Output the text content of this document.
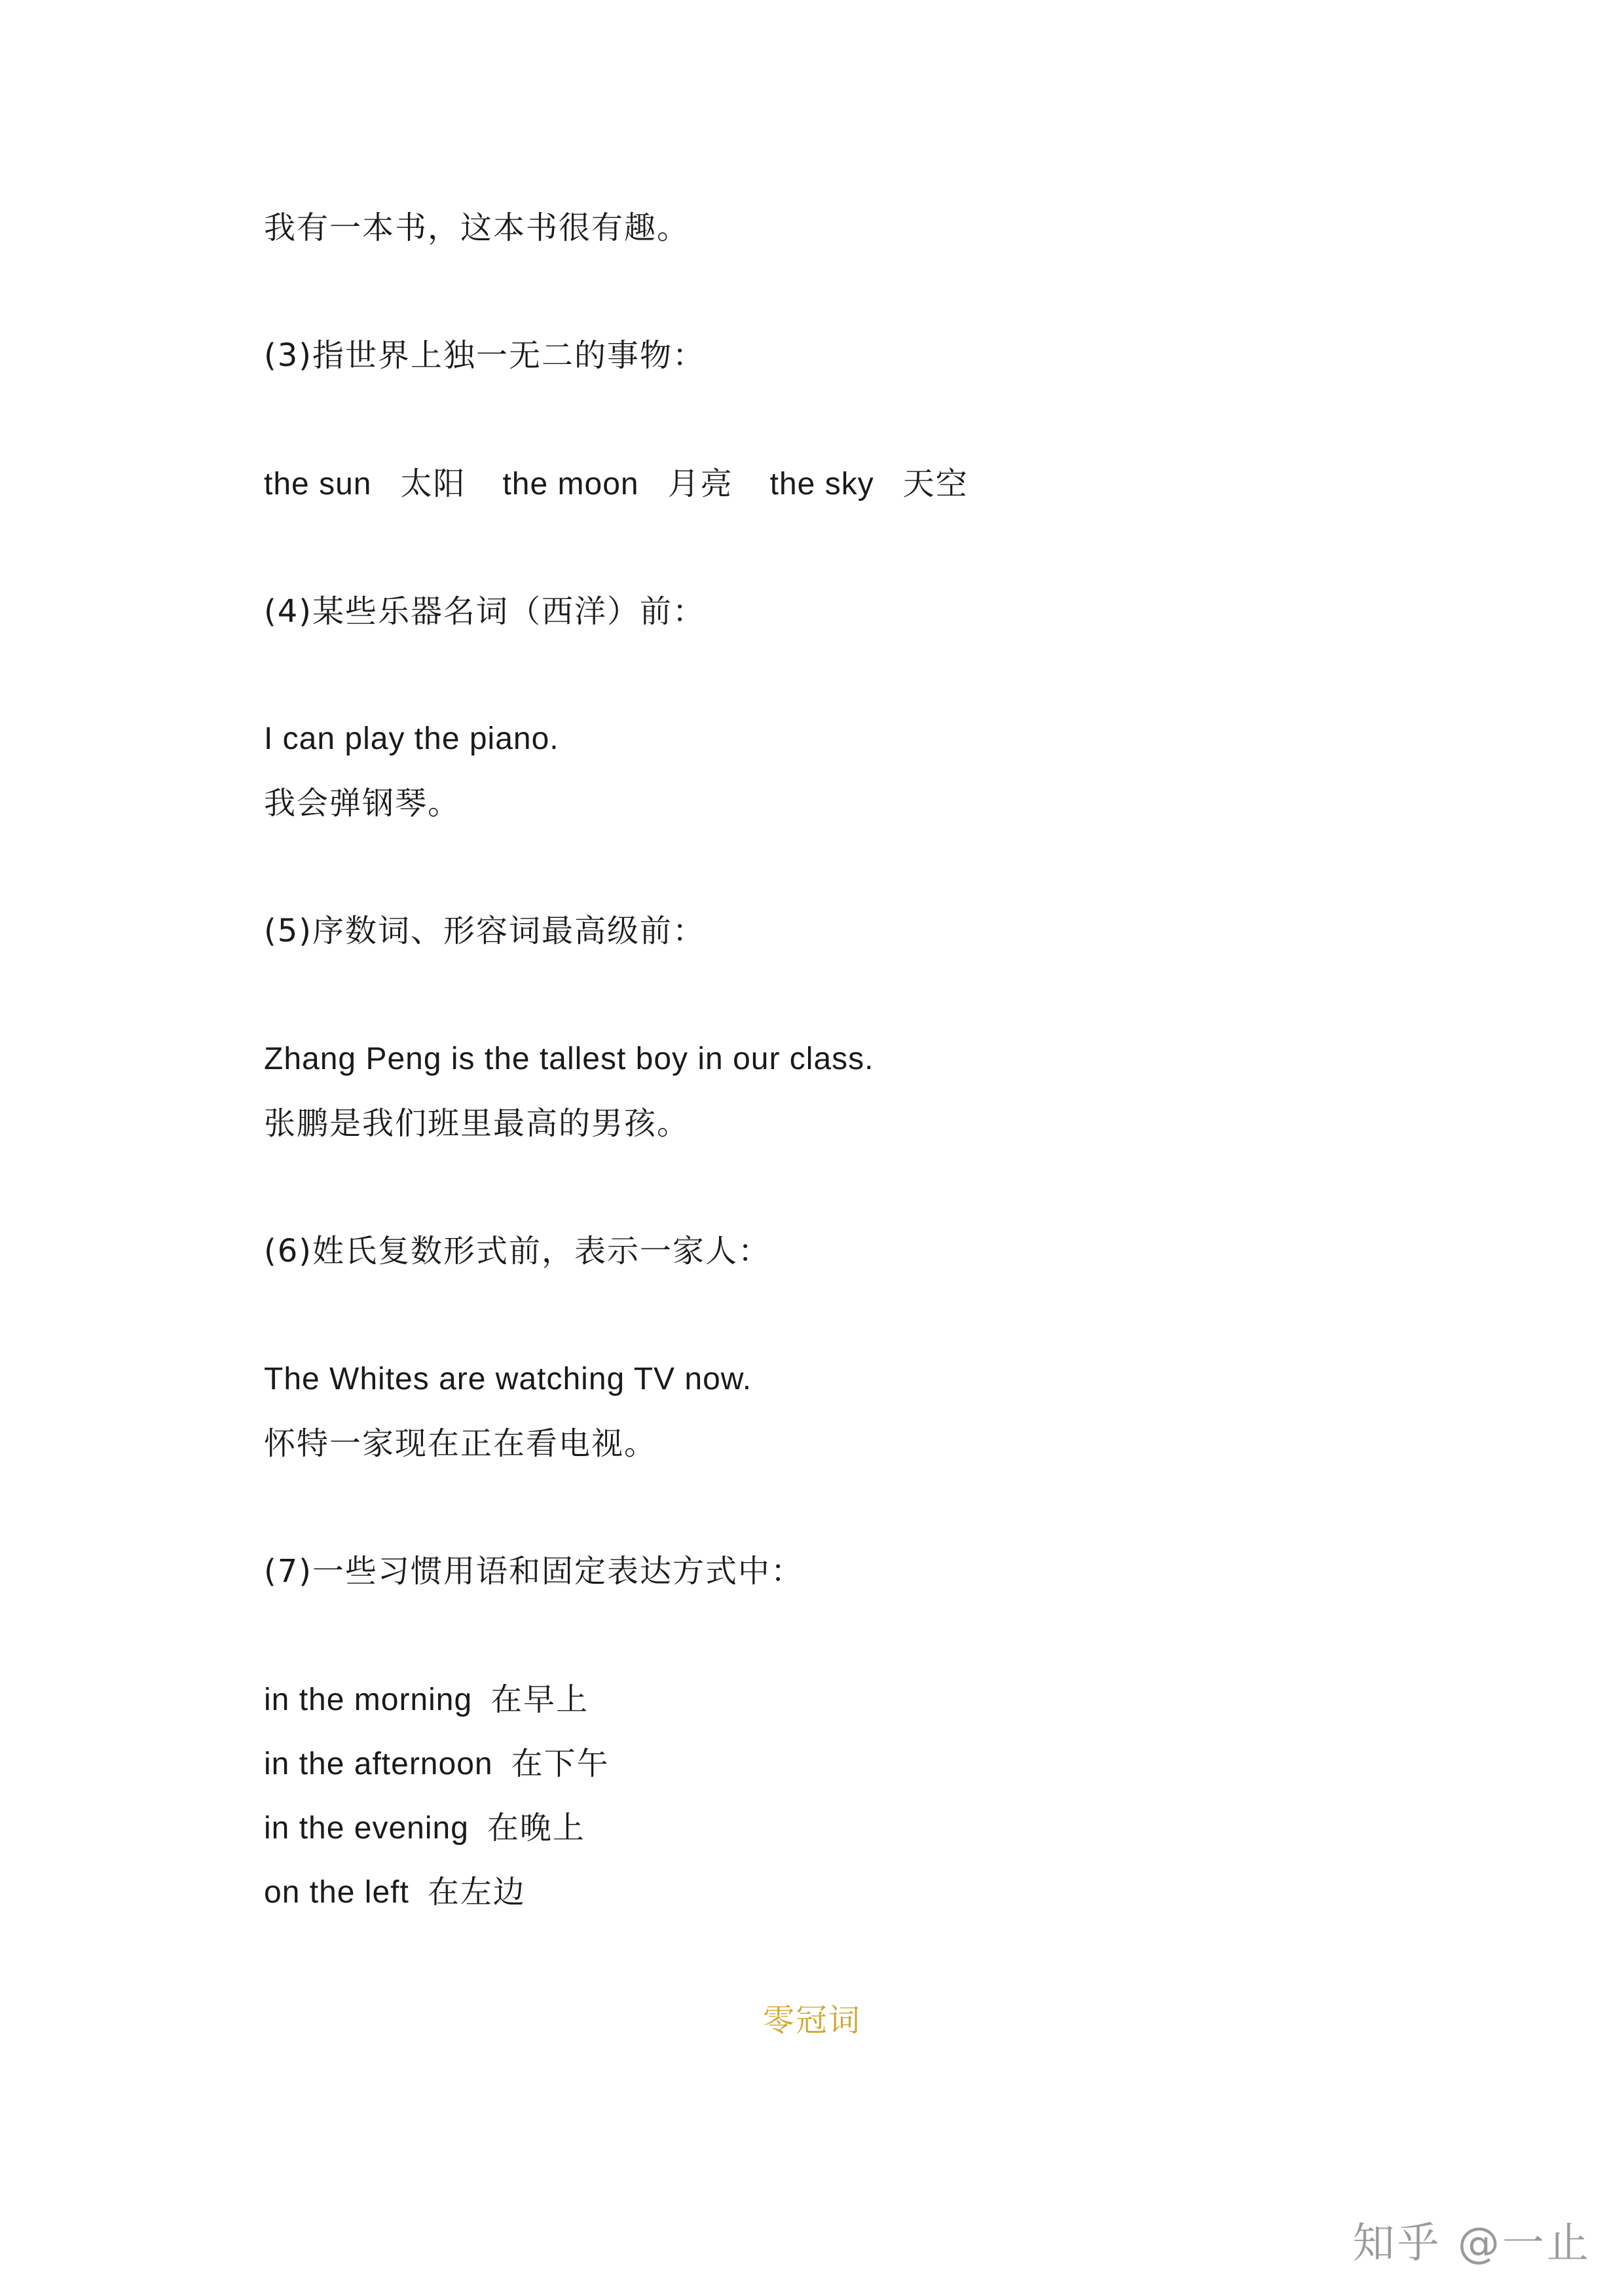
我有一本书，这本书很有趣。
(3)指世界上独一无二的事物：
the sun 太阳 the moon 月亮 the sky 天空
(4)某些乐器名词（西洋）前：
I can play the piano.
我会弹钢琴。
(5)序数词、形容词最高级前：
Zhang Peng is the tallest boy in our class.
张鹏是我们班里最高的男孩。
(6)姓氏复数形式前，表示一家人：
The Whites are watching TV now.
怀特一家现在正在看电视。
(7)一些习惯用语和固定表达方式中：
in the morning 在早上
in the afternoon 在下午
in the evening 在晚上
on the left 在左边
零冠词
知乎 @一止
